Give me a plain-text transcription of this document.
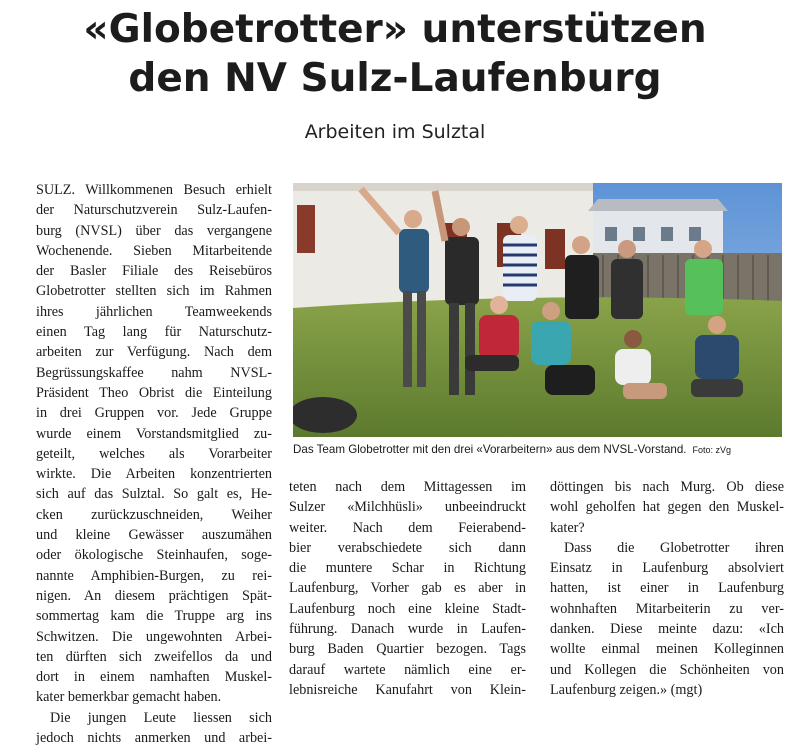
«Globetrotter» unterstützen
den NV Sulz-Laufenburg
Arbeiten im Sulztal

SULZ. Willkommenen Besuch erhielt

der Naturschutzverein Sulz-Laufen-

burg (NVSL) über das vergangene

Wochenende. Sieben Mitarbeitende

der Basler Filiale des Reisebüros

Globetrotter stellten sich im Rahmen

ihres jährlichen Teamweekends

einen Tag lang für Naturschutz-

arbeiten zur Verfügung. Nach dem

Begrüssungskaffee nahm NVSL-

Präsident Theo Obrist die Einteilung

in drei Gruppen vor. Jede Gruppe

wurde einem Vorstandsmitglied zu-

geteilt, welches als Vorarbeiter

wirkte. Die Arbeiten konzentrierten

sich auf das Sulztal. So galt es, He-

cken zurückzuschneiden, Weiher

und kleine Gewässer auszumähen

oder ökologische Steinhaufen, soge-

nannte Amphibien-Burgen, zu rei-

nigen. An diesem prächtigen Spät-

sommertag kam die Truppe arg ins

Schwitzen. Die ungewohnten Arbei-

ten dürften sich zweifellos da und

dort in einem namhaften Muskel-

kater bemerkbar gemacht haben.

Die jungen Leute liessen sich

jedoch nichts anmerken und arbei-

Das Team Globetrotter mit den drei «Vorarbeitern» aus dem NVSL-Vorstand. Foto: zVg

teten nach dem Mittagessen im

Sulzer «Milchhüsli» unbeeindruckt

weiter. Nach dem Feierabend-

bier verabschiedete sich dann

die muntere Schar in Richtung

Laufenburg, Vorher gab es aber in

Laufenburg noch eine kleine Stadt-

führung. Danach wurde in Laufen-

burg Baden Quartier bezogen. Tags

darauf wartete nämlich eine er-

lebnisreiche Kanufahrt von Klein-

döttingen bis nach Murg. Ob diese

wohl geholfen hat gegen den Muskel-

kater?

Dass die Globetrotter ihren

Einsatz in Laufenburg absolviert

hatten, ist einer in Laufenburg

wohnhaften Mitarbeiterin zu ver-

danken. Diese meinte dazu: «Ich

wollte einmal meinen Kolleginnen

und Kollegen die Schönheiten von

Laufenburg zeigen.» (mgt)
